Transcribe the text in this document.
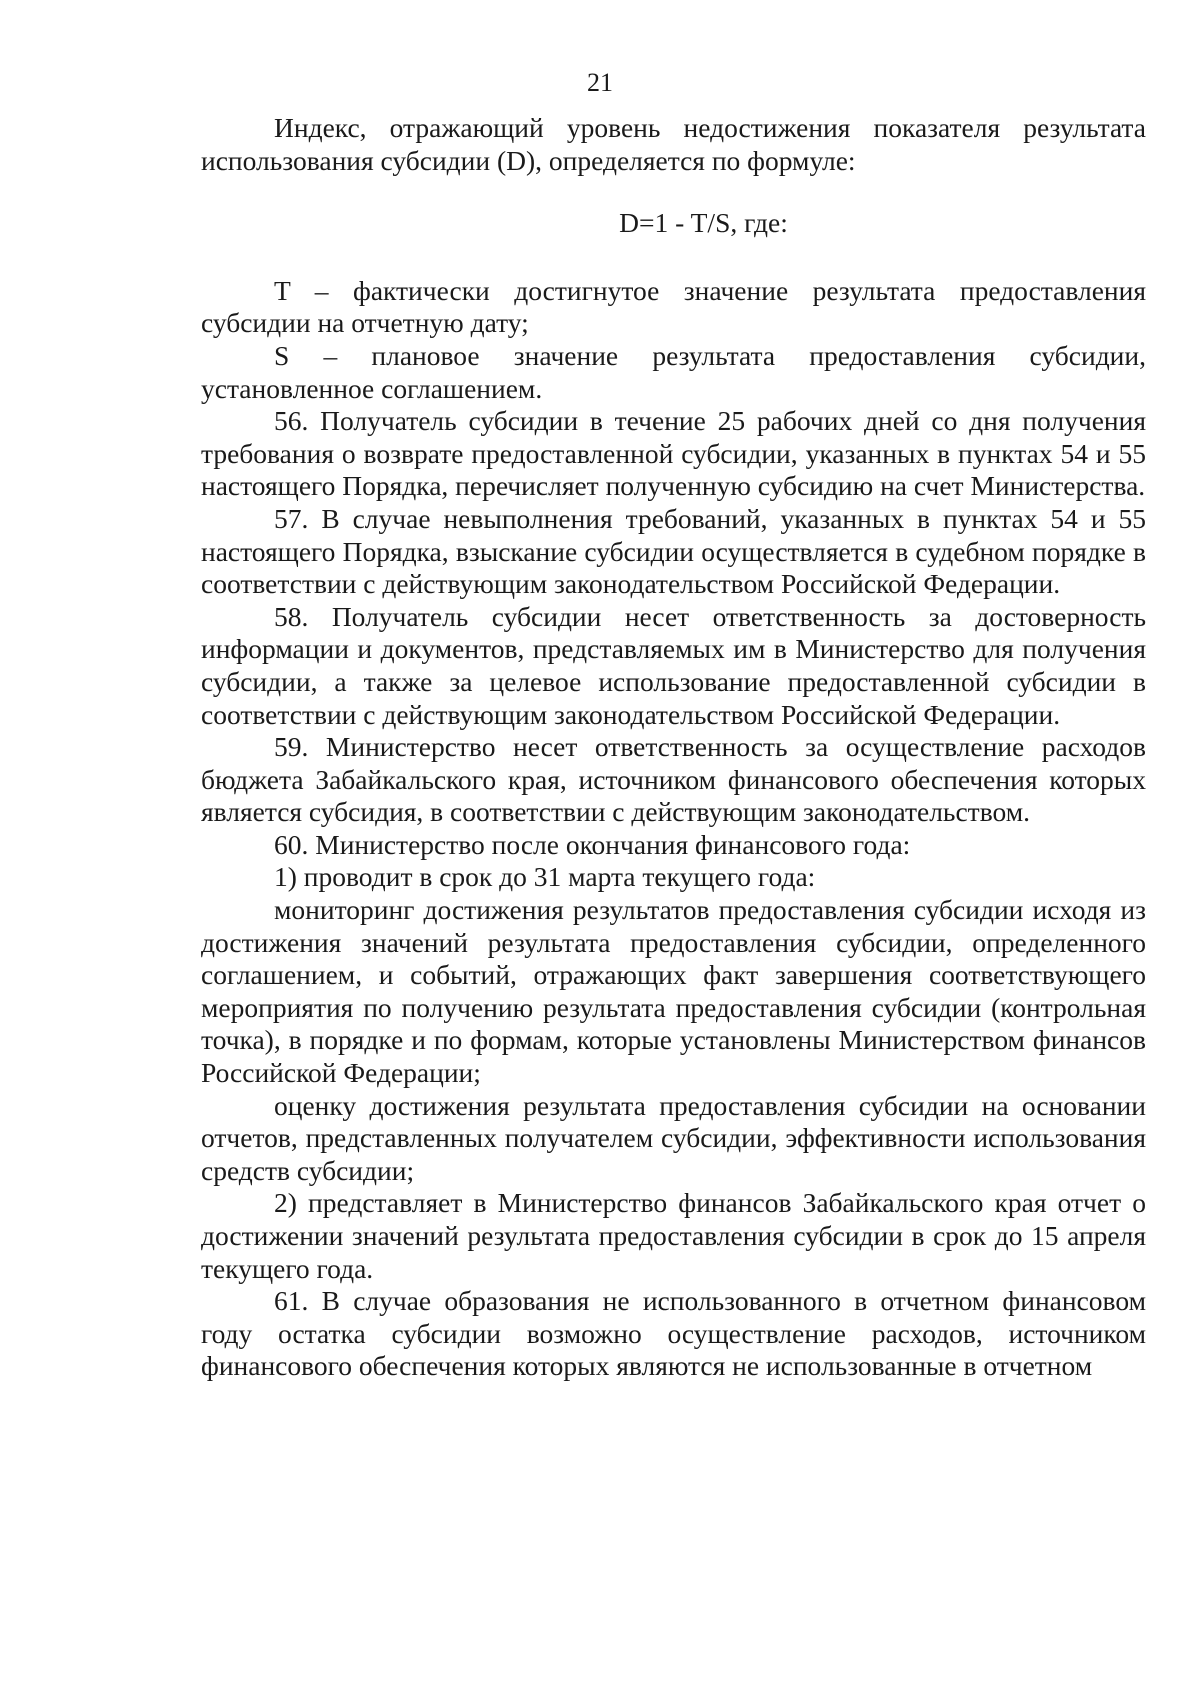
21

Индекс, отражающий уровень недостижения показателя результата использования субсидии (D), определяется по формуле:

D=1 - T/S, где:

T – фактически достигнутое значение результата предоставления субсидии на отчетную дату;

S – плановое значение результата предоставления субсидии, установленное соглашением.

56. Получатель субсидии в течение 25 рабочих дней со дня получения требования о возврате предоставленной субсидии, указанных в пунктах 54 и 55 настоящего Порядка, перечисляет полученную субсидию на счет Министерства.

57. В случае невыполнения требований, указанных в пунктах 54 и 55 настоящего Порядка, взыскание субсидии осуществляется в судебном порядке в соответствии с действующим законодательством Российской Федерации.

58. Получатель субсидии несет ответственность за достоверность информации и документов, представляемых им в Министерство для получения субсидии, а также за целевое использование предоставленной субсидии в соответствии с действующим законодательством Российской Федерации.

59. Министерство несет ответственность за осуществление расходов бюджета Забайкальского края, источником финансового обеспечения которых является субсидия, в соответствии с действующим законодательством.

60. Министерство после окончания финансового года:

1) проводит в срок до 31 марта текущего года:

мониторинг достижения результатов предоставления субсидии исходя из достижения значений результата предоставления субсидии, определенного соглашением, и событий, отражающих факт завершения соответствующего мероприятия по получению результата предоставления субсидии (контрольная точка), в порядке и по формам, которые установлены Министерством финансов Российской Федерации;

оценку достижения результата предоставления субсидии на основании отчетов, представленных получателем субсидии, эффективности использования средств субсидии;

2) представляет в Министерство финансов Забайкальского края отчет о достижении значений результата предоставления субсидии в срок до 15 апреля текущего года.

61. В случае образования не использованного в отчетном финансовом году остатка субсидии возможно осуществление расходов, источником финансового обеспечения которых являются не использованные в отчетном
